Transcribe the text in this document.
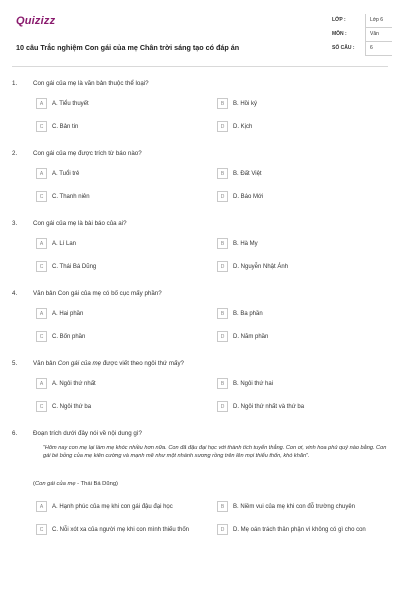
Quizizz
10 câu Trắc nghiệm Con gái của mẹ Chân trời sáng tạo có đáp án
LỚP :	Lớp 6
MÔN :	Văn
SỐ CÂU :	6
1.	Con gái của mẹ là văn bản thuộc thể loại?
A	A. Tiểu thuyết	B	B. Hồi ký
C	C. Bản tin	D	D. Kịch
2.	Con gái của mẹ được trích từ báo nào?
A	A. Tuổi trẻ	B	B. Đất Việt
C	C. Thanh niên	D	D. Báo Mới
3.	Con gái của mẹ là bài báo của ai?
A	A. Lí Lan	B	B. Hà My
C	C. Thái Bá Dũng	D	D. Nguyễn Nhật Ánh
4.	Văn bản Con gái của mẹ có bố cục mấy phần?
A	A. Hai phần	B	B. Ba phần
C	C. Bốn phần	D	D. Năm phần
5.	Văn bản Con gái của mẹ được viết theo ngôi thứ mấy?
A	A. Ngôi thứ nhất	B	B. Ngôi thứ hai
C	C. Ngôi thứ ba	D	D. Ngôi thứ nhất và thứ ba
6.	Đoạn trích dưới đây nói về nội dung gì?
“Hôm nay con mẹ lại làm mẹ khóc nhiều hơn nữa. Con đã đậu đại học với thành tích tuyển thẳng. Con ơi, vinh hoa phú quý nào bằng. Con gái bé bỏng của mẹ kiên cường và mạnh mẽ như một nhánh xương rồng trên lên mọi thiếu thốn, khó khăn”.
(Con gái của mẹ - Thái Bá Dũng)
A	A. Hạnh phúc của mẹ khi con gái đậu đại học	B	B. Niềm vui của mẹ khi con đỗ trường chuyên
C	C. Nỗi xót xa của người mẹ khi con mình thiếu thốn	D	D. Mẹ oán trách thân phận vì không có gì cho con
